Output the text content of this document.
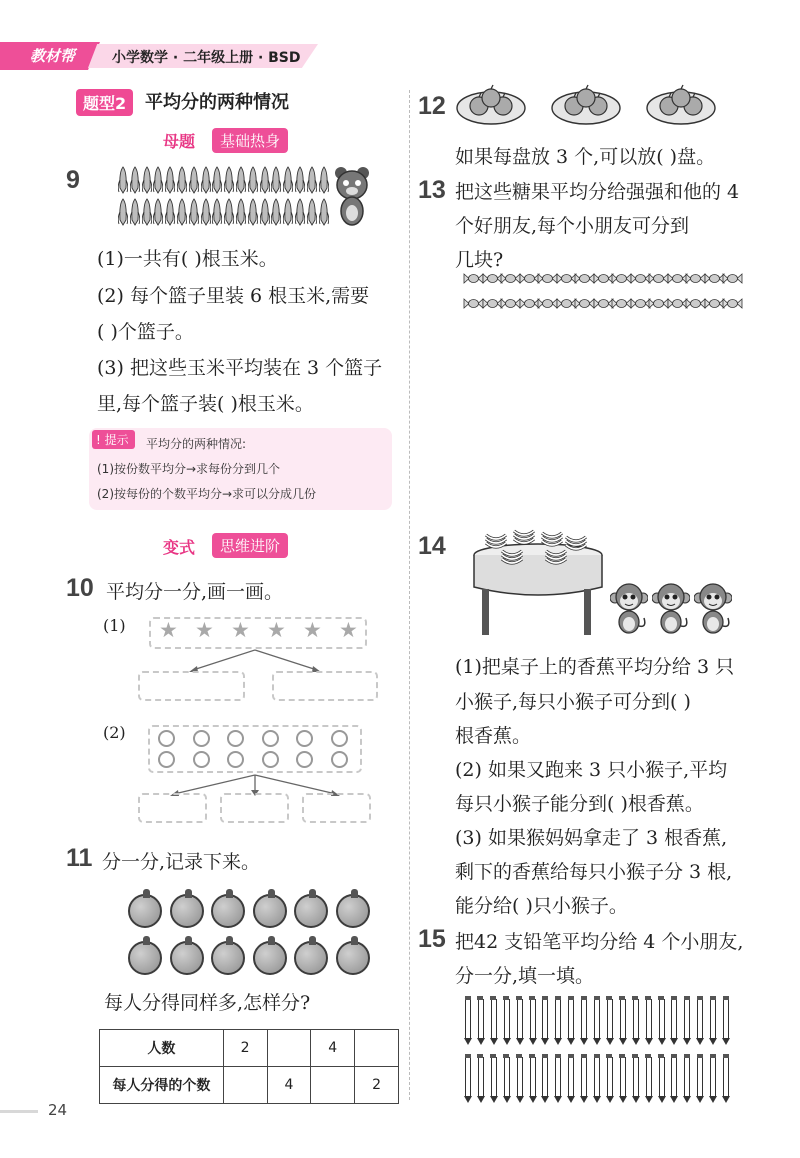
教材帮	小学数学 · 二年级上册 · BSD
题型2	平均分的两种情况
母题	基础热身
9
(1)一共有( )根玉米。
(2) 每个篮子里装 6 根玉米,需要
( )个篮子。
(3) 把这些玉米平均装在 3 个篮子
里,每个篮子装( )根玉米。
! 提示	平均分的两种情况:
(1)按份数平均分→求每份分到几个
(2)按每份的个数平均分→求可以分成几份
变式	思维进阶
10 平均分一分,画一画。
(1) ★ ★ ★ ★ ★ ★
(2)
11 分一分,记录下来。
每人分得同样多,怎样分?
人数	2		4	
每人分得的个数		4		2
24
12
如果每盘放 3 个,可以放( )盘。
13 把这些糖果平均分给强强和他的 4
个好朋友,每个小朋友可分到
几块?
14
(1)把桌子上的香蕉平均分给 3 只
小猴子,每只小猴子可分到( )
根香蕉。
(2) 如果又跑来 3 只小猴子,平均
每只小猴子能分到( )根香蕉。
(3) 如果猴妈妈拿走了 3 根香蕉,
剩下的香蕉给每只小猴子分 3 根,
能分给( )只小猴子。
15 把42 支铅笔平均分给 4 个小朋友,
分一分,填一填。
